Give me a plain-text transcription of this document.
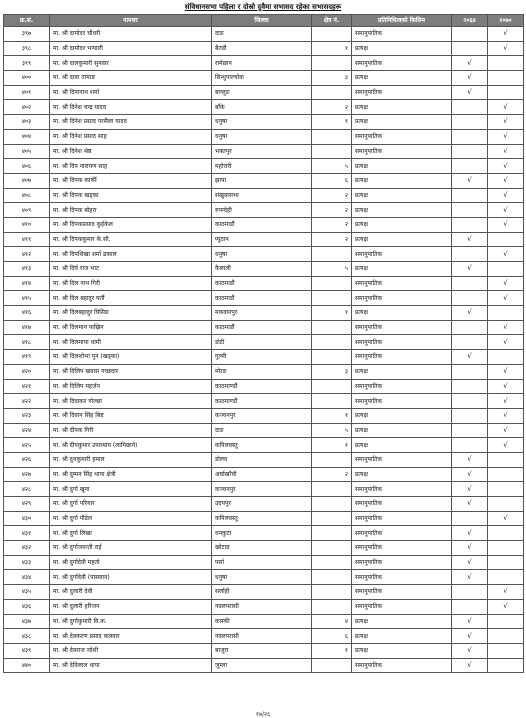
संविधानसभा पहिला र दोस्रो दुवैमा सभासद रहेका सभासदहरू
क्र.सं.	नामथर	जिल्ला	क्षेत्र नं.	प्रतिनिधित्वको किसिम	२०६४	२०७०
३९७	मा. श्री दामोदर चौधरी	दाङ		समानुपातिक		√
३९८	मा. श्री दामोदर भण्डारी	बैतडी	१	प्रत्यक्ष		√
३९९	मा. श्री दालकुमारी सुनवार	रामेछाप		समानुपातिक	√	
४००	मा. श्री दावा तामाङ	सिन्धुपाल्चोक	३	प्रत्यक्ष	√	
४०१	मा. श्री दिनानाथ शर्मा	बाग्लुङ		समानुपातिक	√	
४०२	मा. श्री दिनेश चन्द्र यादव	बाँके	२	प्रत्यक्ष		√
४०३	मा. श्री दिनेश प्रसाद परसैला यादव	धनुषा	१	प्रत्यक्ष		√
४०४	मा. श्री दिनेश प्रसाद साह	धनुषा		समानुपातिक		√
४०५	मा. श्री दिनेश श्रेष्ठ	भक्तपुर		समानुपातिक		√
४०६	मा. श्री दिप नारायण साह	महोत्तरी	५	प्रत्यक्ष		√
४०७	मा. श्री दिपक कार्की	झापा	६	प्रत्यक्ष	√	√
४०८	मा. श्री दिपक खड्का	संखुवासभा	२	प्रत्यक्ष		√
४०९	मा. श्री दिपक बोहरा	रुपन्देही	२	प्रत्यक्ष		√
४१०	मा. श्री दिपकप्रसाद कुईकेल	काठमाडौं	२	प्रत्यक्ष		√
४११	मा. श्री दिपककुमार के.सी.	प्यूठान	२	प्रत्यक्ष	√	
४१२	मा. श्री दिपशिखा शर्मा ढकाल	धनुषा		समानुपातिक		√
४१३	मा. श्री दिर्घ राज भाट	कैलाली	५	प्रत्यक्ष	√	
४१४	मा. श्री दिल नाथ गिरी	काठमाडौं		समानुपातिक		√
४१५	मा. श्री दिल बहादुर घर्ती	काठमाडौं		समानुपातिक		√
४१६	मा. श्री दिलबहादुर घिसिङ	मकवानपुर	१	प्रत्यक्ष	√	
४१७	मा. श्री दिलमान पाख्रिन	काठमाडौं		समानुपातिक		√
४१८	मा. श्री दिलमाया धामी	डोटी		समानुपातिक		√
४१९	मा. श्री दिलशोभा पुन (खड्का)	गुल्मी		समानुपातिक	√	
४२०	मा. श्री दिलिप खवास गच्छदार	मोरङ	३	प्रत्यक्ष		√
४२१	मा. श्री दिलिप महर्जन	काठमाण्डौं		समानुपातिक		√
४२२	मा. श्री दिवाकर गोल्छा	काठमाण्डौं		समानुपातिक		√
४२३	मा. श्री दिवान सिंह बिष्ट	कञ्चनपुर	१	प्रत्यक्ष		√
४२४	मा. श्री दीपक गिरी	दाङ	५	प्रत्यक्ष		√
४२५	मा. श्री दीपकुमार उपाध्याय (लामिछाने)	कपिलवस्तु	१	प्रत्यक्ष		√
४२६	मा. श्री दुधकुमारी हमाल	डोल्पा		समानुपातिक	√	
४२७	मा. श्री दुम्मन सिंह थापा क्षेत्री	अर्घाखाँची	२	प्रत्यक्ष	√	
४२८	मा. श्री दुर्गा खुना	कञ्चनपुर		समानुपातिक	√	
४२९	मा. श्री दुर्गा परियार	उदयपुर		समानुपातिक	√	
४३०	मा. श्री दुर्गा पौडेल	कपिलवस्तु		समानुपातिक		√
४३१	मा. श्री दुर्गा लिखा	धनकुटा		समानुपातिक	√	
४३२	मा. श्री दुर्गाजयन्ती राई	खोटाङ		समानुपातिक	√	
४३३	मा. श्री दुर्गादेवी महतो	पर्सा		समानुपातिक	√	
४३४	मा. श्री दुर्गादेवी (पासवान)	धनुषा		समानुपातिक	√	
४३५	मा. श्री दुलारी देवी	सर्लाही		समानुपातिक		√
४३६	मा. श्री दुलारी हरिजन	नवलपरासी		समानुपातिक		√
४३७	मा. श्री दुर्गाकुमारी वि.क.	कास्की	४	प्रत्यक्ष	√	
४३८	मा. श्री देवकरण प्रसाद कलवार	नवलपरासी	६	प्रत्यक्ष	√	
४३९	मा. श्री देवराज जोशी	बाजुरा	१	प्रत्यक्ष	√	
४४०	मा. श्री देविलाल थापा	जुम्ला		समानुपातिक	√	
१७/२६
